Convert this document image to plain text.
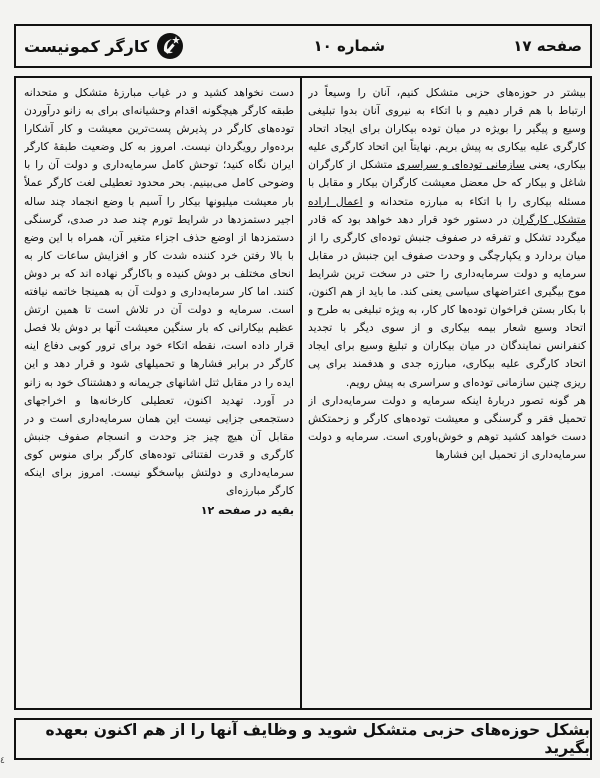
کارگر کمونیست	شماره ۱۰	صفحه ۱۷

بیشتر در حوزه‌های حزبی متشکل کنیم، آنان را وسیعاً در ارتباط با هم قرار دهیم و با اتکاء به نیروی آنان بدوا تبلیغی وسیع و پیگیر را بویژه در میان توده بیکاران برای ایجاد اتحاد کارگری علیه بیکاری به پیش بریم. نهایتاً این اتحاد کارگری علیه بیکاری، یعنی سازمانی توده‌ای و سراسری متشکل از کارگران شاغل و بیکار که حل معضل معیشت کارگران بیکار و مقابل با مسئله بیکاری را با اتکاء به مبارزه متحدانه و اعمال اراده متشکل کارگران در دستور خود قرار دهد خواهد بود که قادر میگردد تشکل و تفرقه در صفوف جنبش توده‌ای کارگری را از میان بردارد و یکپارچگی و وحدت صفوف این جنبش در مقابل سرمایه و دولت سرمایه‌داری را حتی در سخت ترین شرایط موج بیگیری اعتراضهای سیاسی یعنی کند. ما باید از هم اکنون، با بکار بستن فراخوان توده‌ها کار کار، به ویژه تبلیغی به طرح و اتحاد وسیع شعار بیمه بیکاری و از سوی دیگر با تجدید کنفرانس نمایندگان در میان بیکاران و تبلیغ وسیع برای ایجاد اتحاد کارگری علیه بیکاری، مبارزه جدی و هدفمند برای پی ریزی چنین سازمانی توده‌ای و سراسری به پیش رویم.

هر گونه تصور دربارهٔ اینکه سرمایه و دولت سرمایه‌داری از تحمیل فقر و گرسنگی و معیشت توده‌های کارگر و زحمتکش دست خواهد کشید توهم و خوش‌باوری است. سرمایه و دولت سرمایه‌داری از تحمیل این فشارها

دست نخواهد کشید و در غیاب مبارزهٔ متشکل و متحدانه طبقه کارگر هیچگونه اقدام وحشیانه‌ای برای به زانو درآوردن توده‌های کارگر در پذیرش پست‌ترین معیشت و کار آشکارا برده‌وار رویگردان نیست. امروز به کل وضعیت طبقهٔ کارگر ایران نگاه کنید؛ توحش کامل سرمایه‌داری و دولت آن را با وضوحی کامل می‌بینیم. بحر محدود تعطیلی لغت کارگر عملاً بار معیشت میلیونها بیکار را آسیم با وضع انجماد چند ساله اجیر دستمزدها در شرایط تورم چند صد در صدی، گرسنگی دستمزدها از اوضع حذف اجزاء متغیر آن، همراه با این وضع با بالا رفتن خرد کننده شدت کار و افزایش ساعات کار به انحای مختلف بر دوش کنیده و باکارگر نهاده اند که بر دوش کنند. اما کار سرمایه‌داری و دولت آن به همینجا خاتمه نیافته است. سرمایه و دولت آن در تلاش است تا همین ارتش عظیم بیکارانی که بار سنگین معیشت آنها بر دوش بلا فصل قرار داده است، نقطه اتکاء خود برای ترور کوبی دفاع اینه کارگر در برابر فشارها و تحمیلهای شود و قرار دهد و این ایده را در مقابل ثتل اشانهای جریمانه و دهشتناک خود به زانو در آورد. تهدید اکنون، تعطیلی کارخانه‌ها و اخراجهای دستجمعی جزایی نیست این همان سرمایه‌داری است و در مقابل آن هیچ چیز جز وحدت و انسجام صفوف جنبش کارگری و قدرت لفتنائی توده‌های کارگر برای منوس کوی سرمایه‌داری و دولتش بپاسخگو نیست. امروز برای اینکه کارگر مبارزه‌ای

بقیه در صفحه ۱۲

بشکل حوزه‌های حزبی متشکل شوید و وظایف آنها را از هم اکنون بعهده بگیرید
٤
